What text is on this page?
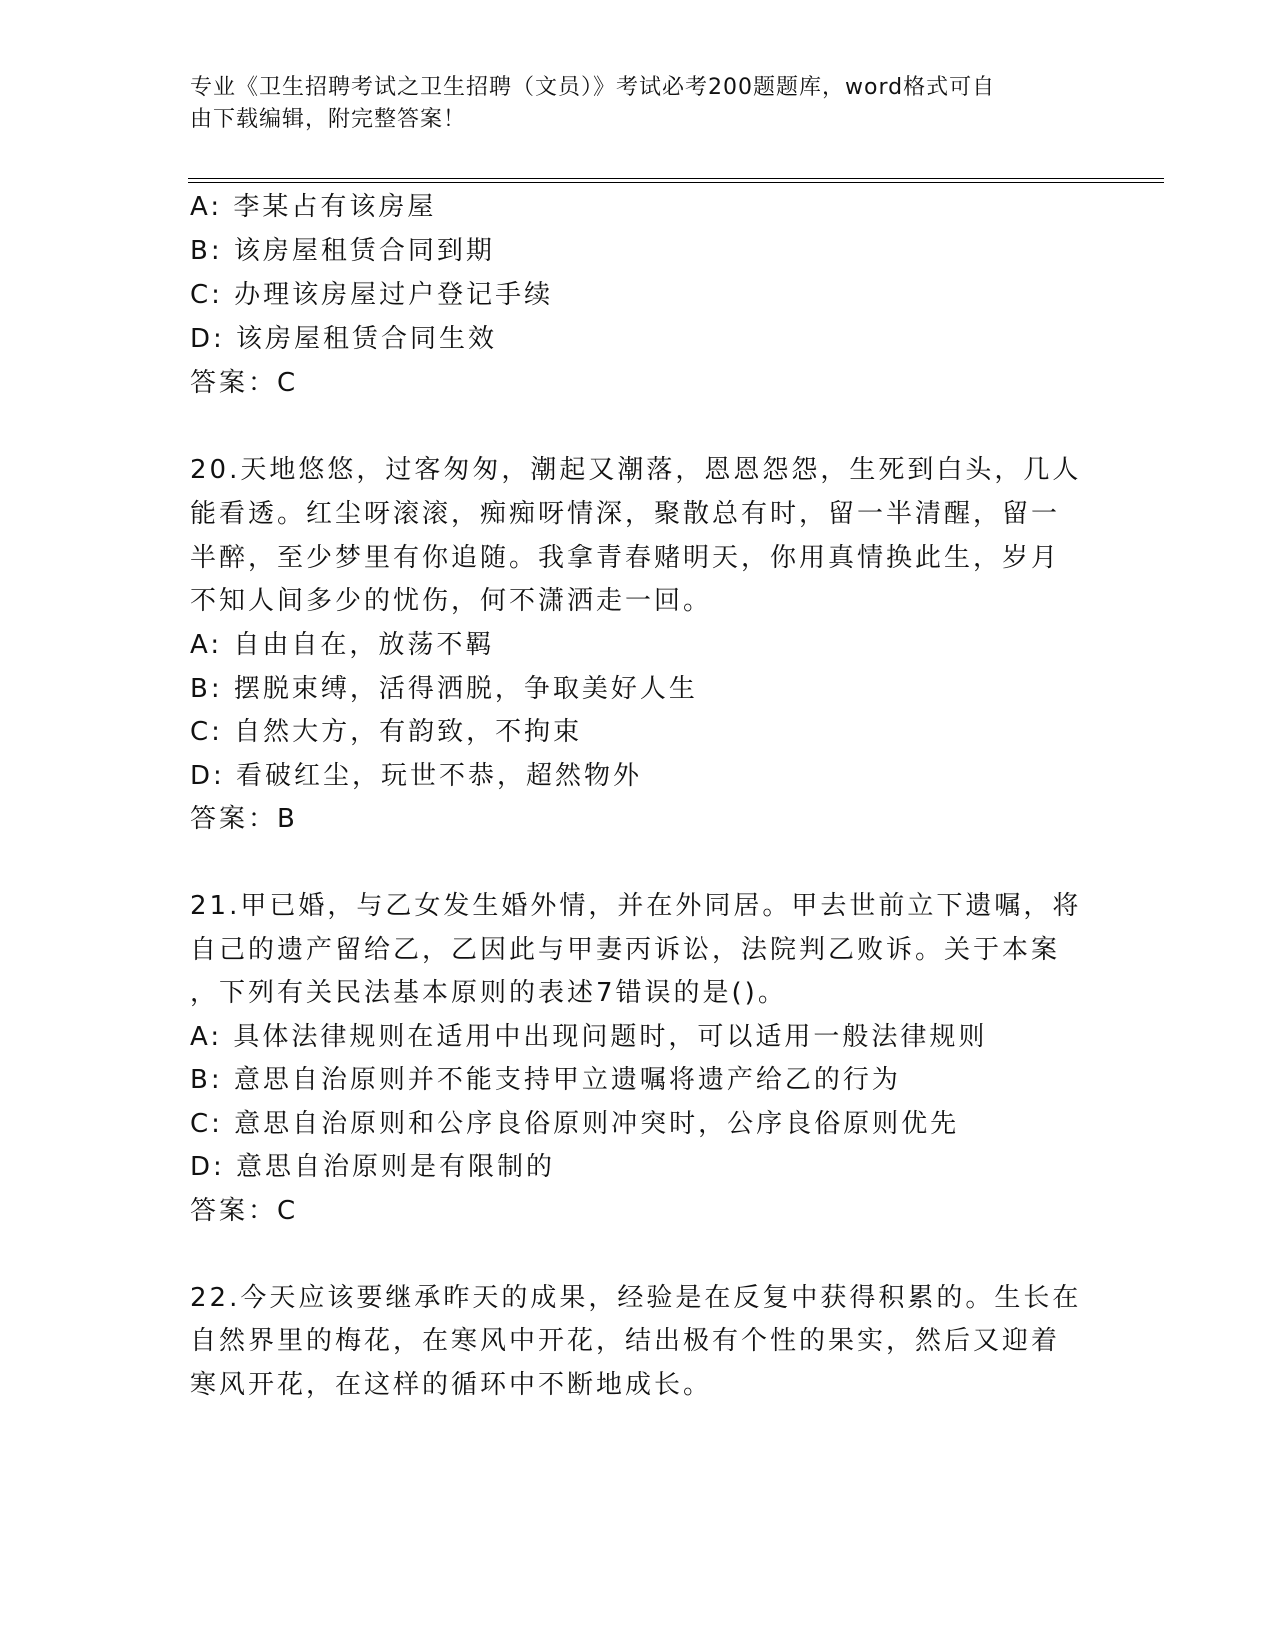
专业《卫生招聘考试之卫生招聘（文员）》考试必考200题题库，word格式可自
由下载编辑，附完整答案！
A: 李某占有该房屋
B: 该房屋租赁合同到期
C: 办理该房屋过户登记手续
D: 该房屋租赁合同生效
答案：C
20.天地悠悠，过客匆匆，潮起又潮落，恩恩怨怨，生死到白头，几人
能看透。红尘呀滚滚，痴痴呀情深，聚散总有时，留一半清醒，留一
半醉，至少梦里有你追随。我拿青春赌明天，你用真情换此生，岁月
不知人间多少的忧伤，何不潇洒走一回。
A: 自由自在，放荡不羁
B: 摆脱束缚，活得洒脱，争取美好人生
C: 自然大方，有韵致，不拘束
D: 看破红尘，玩世不恭，超然物外
答案：B
21.甲已婚，与乙女发生婚外情，并在外同居。甲去世前立下遗嘱，将
自己的遗产留给乙，乙因此与甲妻丙诉讼，法院判乙败诉。关于本案
，下列有关民法基本原则的表述7错误的是()。
A: 具体法律规则在适用中出现问题时，可以适用一般法律规则
B: 意思自治原则并不能支持甲立遗嘱将遗产给乙的行为
C: 意思自治原则和公序良俗原则冲突时，公序良俗原则优先
D: 意思自治原则是有限制的
答案：C
22.今天应该要继承昨天的成果，经验是在反复中获得积累的。生长在
自然界里的梅花，在寒风中开花，结出极有个性的果实，然后又迎着
寒风开花，在这样的循环中不断地成长。
